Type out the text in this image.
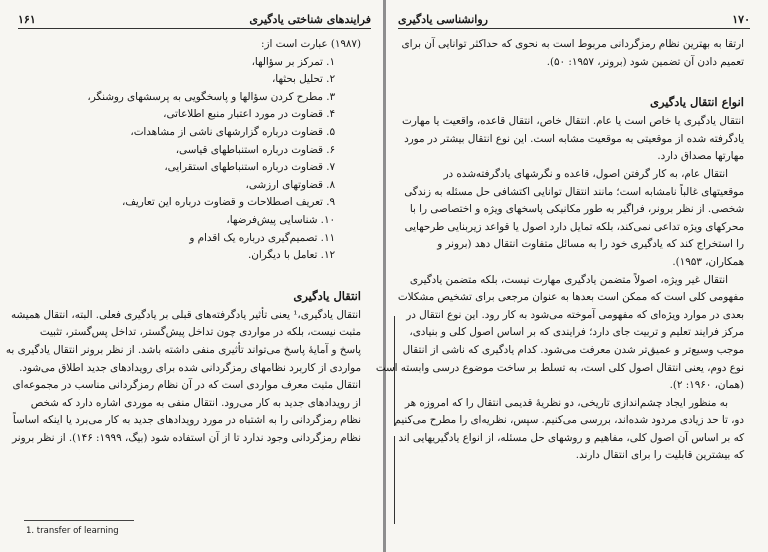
فرایندهای شناختی یادگیری
۱۶۱
(۱۹۸۷) عبارت است از:
۱. تمرکز بر سؤالها،
۲. تحلیل بحثها،
۳. مطرح کردن سؤالها و پاسخگویی به پرسشهای روشنگر،
۴. قضاوت در مورد اعتبار منبع اطلاعاتی،
۵. قضاوت درباره گزارشهای ناشی از مشاهدات،
۶. قضاوت درباره استنباطهای قیاسی،
۷. قضاوت درباره استنباطهای استقرایی،
۸. قضاوتهای ارزشی،
۹. تعریف اصطلاحات و قضاوت درباره این تعاریف،
۱۰. شناسایی پیش‌فرضها،
۱۱. تصمیم‌گیری درباره یک اقدام و
۱۲. تعامل با دیگران.
انتقال یادگیری
انتقال یادگیری،¹ یعنی تأثیر یادگرفته‌های قبلی بر یادگیری فعلی. البته، انتقال همیشه
مثبت نیست، بلکه در مواردی چون تداخل پیش‌گستر، تداخل پس‌گستر، تثبیت
پاسخ و آمایهٔ پاسخ می‌تواند تأثیری منفی داشته باشد. از نظر برونر انتقال یادگیری به
مواردی از کاربرد نظامهای رمزگردانی شده برای رویدادهای جدید اطلاق می‌شود.
انتقال مثبت معرف مواردی است که در آن نظام رمزگردانی مناسب در مجموعه‌ای
از رویدادهای جدید به کار می‌رود. انتقال منفی به موردی اشاره دارد که شخص
نظام رمزگردانی را به اشتباه در مورد رویدادهای جدید به کار می‌برد یا اینکه اساساً
نظام رمزگردانی وجود ندارد تا از آن استفاده شود (بیگ، ۱۹۹۹: ۱۴۶). از نظر برونر
1. transfer of learning
۱۷۰
روانشناسی یادگیری
ارتقا به بهترین نظام رمزگردانی مربوط است به نحوی که حداکثر توانایی آن برای
تعمیم دادن آن تضمین شود (برونر، ۱۹۵۷: ۵۰).
انواع انتقال یادگیری
انتقال یادگیری یا خاص است یا عام. انتقال خاص، انتقال قاعده، واقعیت یا مهارت
یادگرفته شده از موقعیتی به موقعیت مشابه است. این نوع انتقال بیشتر در مورد
مهارتها مصداق دارد.
انتقال عام، به کار گرفتن اصول، قاعده و نگرشهای یادگرفته‌شده در
موقعیتهای غالباً نامشابه است؛ مانند انتقال توانایی اکتشافی حل مسئله به زندگی
شخصی. از نظر برونر، فراگیر به طور مکانیکی پاسخهای ویژه و اختصاصی را با
محرکهای ویژه تداعی نمی‌کند، بلکه تمایل دارد اصول یا قواعد زیربنایی طرحهایی
را استخراج کند که یادگیری خود را به مسائل متفاوت انتقال دهد (برونر و
همکاران، ۱۹۵۳).
انتقال غیر ویژه، اصولاً متضمن یادگیری مهارت نیست، بلکه متضمن یادگیری
مفهومی کلی است که ممکن است بعدها به عنوان مرجعی برای تشخیص مشکلات
بعدی در موارد ویژه‌ای که مفهومی آموخته می‌شود به کار رود. این نوع انتقال در
مرکز فرایند تعلیم و تربیت جای دارد؛ فرایندی که بر اساس اصول کلی و بنیادی،
موجب وسیع‌تر و عمیق‌تر شدن معرفت می‌شود. کدام یادگیری که ناشی از انتقال
نوع دوم، یعنی انتقال اصول کلی است، به تسلط بر ساخت موضوع درسی وابسته است
(همان، ۱۹۶۰: ۲).
به منظور ایجاد چشم‌اندازی تاریخی، دو نظریهٔ قدیمی انتقال را که امروزه هر
دو، تا حد زیادی مردود شده‌اند، بررسی می‌کنیم. سپس، نظریه‌ای را مطرح می‌کنیم
که بر اساس آن اصول کلی، مفاهیم و روشهای حل مسئله، از انواع یادگیریهایی اند
که بیشترین قابلیت را برای انتقال دارند.
